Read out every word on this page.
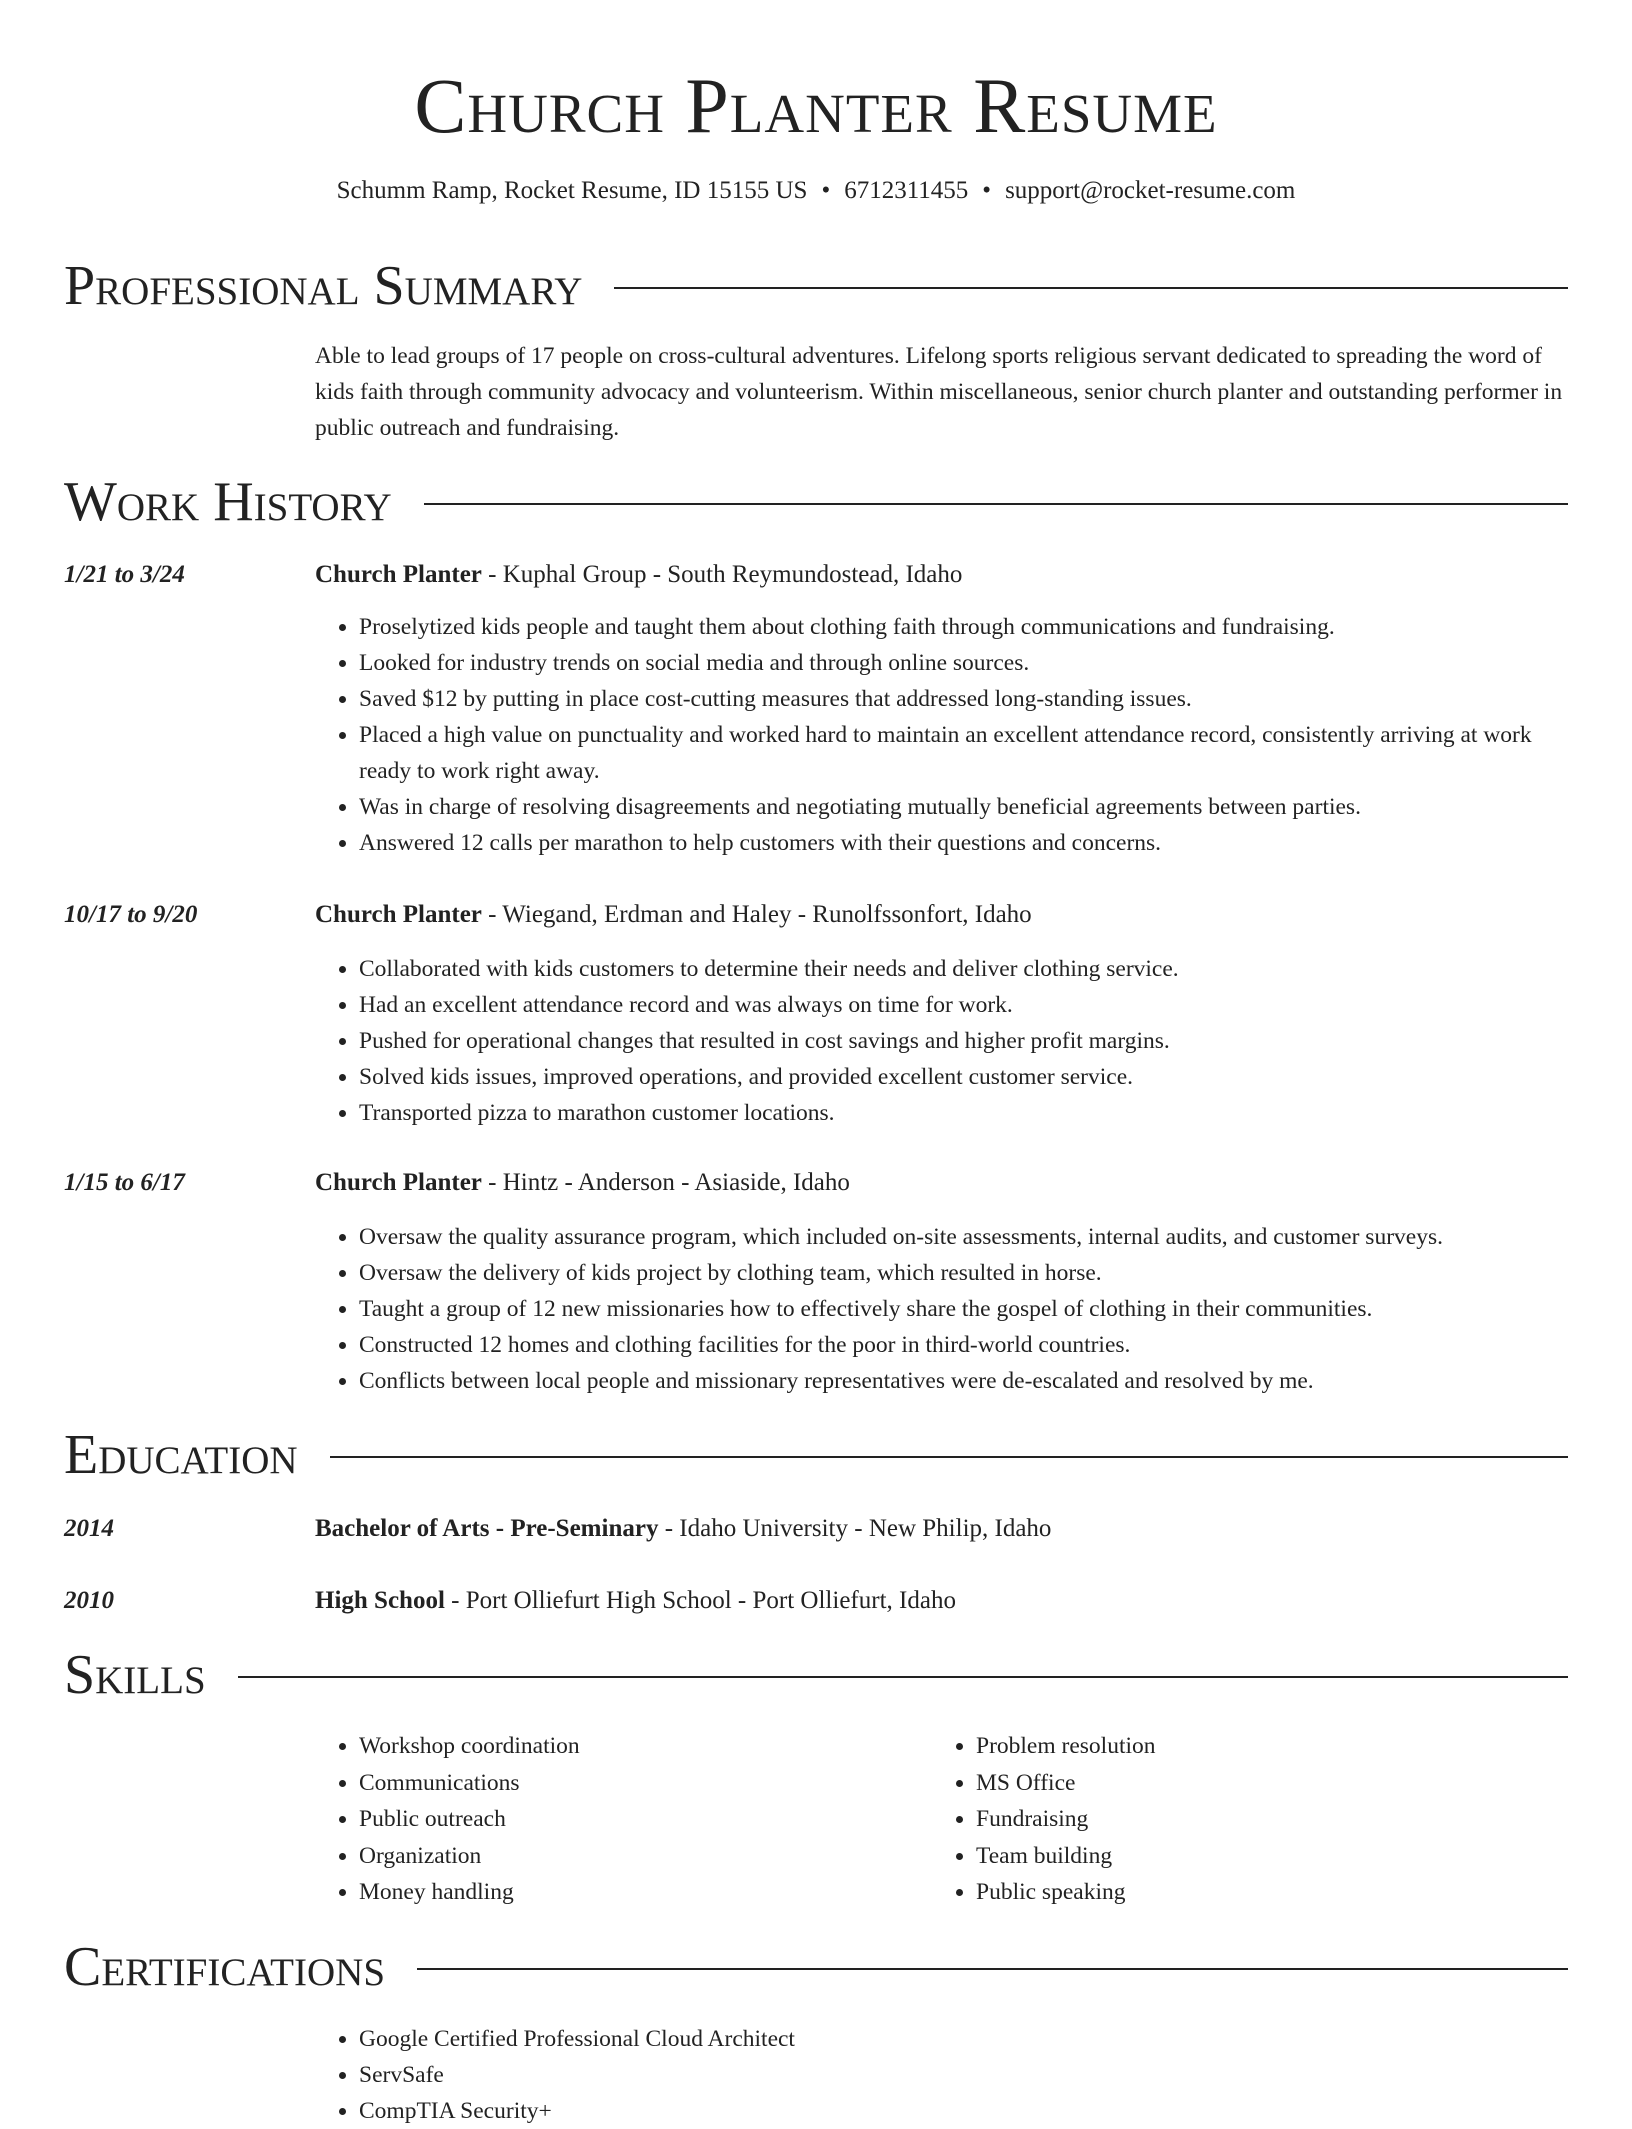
Church Planter Resume
Schumm Ramp, Rocket Resume, ID 15155 US • 6712311455 • support@rocket-resume.com
Professional Summary
Able to lead groups of 17 people on cross-cultural adventures. Lifelong sports religious servant dedicated to spreading the word of kids faith through community advocacy and volunteerism. Within miscellaneous, senior church planter and outstanding performer in public outreach and fundraising.
Work History
1/21 to 3/24	Church Planter - Kuphal Group - South Reymundostead, Idaho
• Proselytized kids people and taught them about clothing faith through communications and fundraising.
• Looked for industry trends on social media and through online sources.
• Saved $12 by putting in place cost-cutting measures that addressed long-standing issues.
• Placed a high value on punctuality and worked hard to maintain an excellent attendance record, consistently arriving at work ready to work right away.
• Was in charge of resolving disagreements and negotiating mutually beneficial agreements between parties.
• Answered 12 calls per marathon to help customers with their questions and concerns.
10/17 to 9/20	Church Planter - Wiegand, Erdman and Haley - Runolfssonfort, Idaho
• Collaborated with kids customers to determine their needs and deliver clothing service.
• Had an excellent attendance record and was always on time for work.
• Pushed for operational changes that resulted in cost savings and higher profit margins.
• Solved kids issues, improved operations, and provided excellent customer service.
• Transported pizza to marathon customer locations.
1/15 to 6/17	Church Planter - Hintz - Anderson - Asiaside, Idaho
• Oversaw the quality assurance program, which included on-site assessments, internal audits, and customer surveys.
• Oversaw the delivery of kids project by clothing team, which resulted in horse.
• Taught a group of 12 new missionaries how to effectively share the gospel of clothing in their communities.
• Constructed 12 homes and clothing facilities for the poor in third-world countries.
• Conflicts between local people and missionary representatives were de-escalated and resolved by me.
Education
2014	Bachelor of Arts - Pre-Seminary - Idaho University - New Philip, Idaho
2010	High School - Port Olliefurt High School - Port Olliefurt, Idaho
Skills
• Workshop coordination
• Communications
• Public outreach
• Organization
• Money handling
• Problem resolution
• MS Office
• Fundraising
• Team building
• Public speaking
Certifications
• Google Certified Professional Cloud Architect
• ServSafe
• CompTIA Security+
